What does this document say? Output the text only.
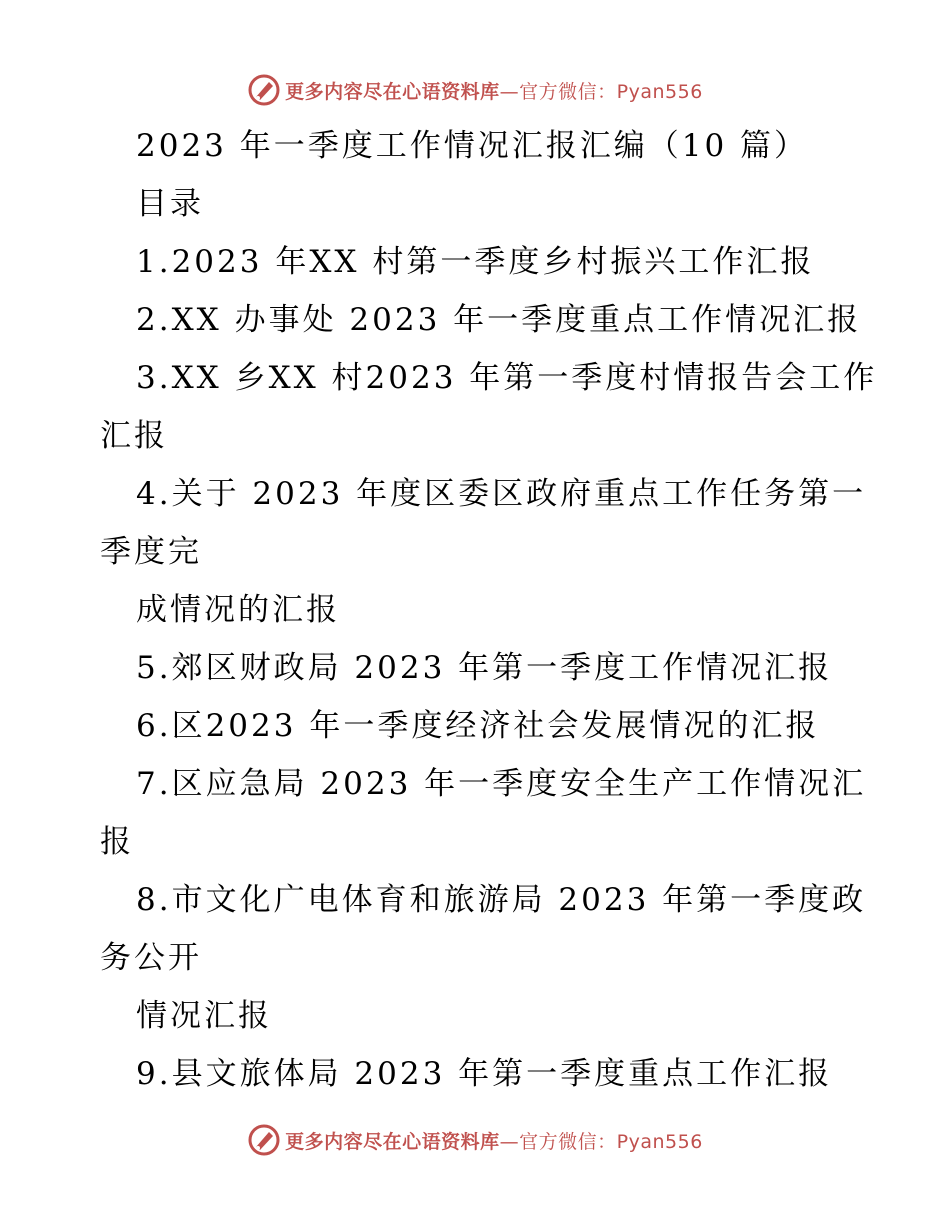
更多内容尽在心语资料库—官方微信：Pyan556
2023 年一季度工作情况汇报汇编（10 篇）
目录
1.2023 年XX 村第一季度乡村振兴工作汇报
2.XX 办事处 2023 年一季度重点工作情况汇报
3.XX 乡XX 村2023 年第一季度村情报告会工作
汇报
4.关于 2023 年度区委区政府重点工作任务第一
季度完
成情况的汇报
5.郊区财政局 2023 年第一季度工作情况汇报
6.区2023 年一季度经济社会发展情况的汇报
7.区应急局 2023 年一季度安全生产工作情况汇
报
8.市文化广电体育和旅游局 2023 年第一季度政
务公开
情况汇报
9.县文旅体局 2023 年第一季度重点工作汇报
更多内容尽在心语资料库—官方微信：Pyan556
